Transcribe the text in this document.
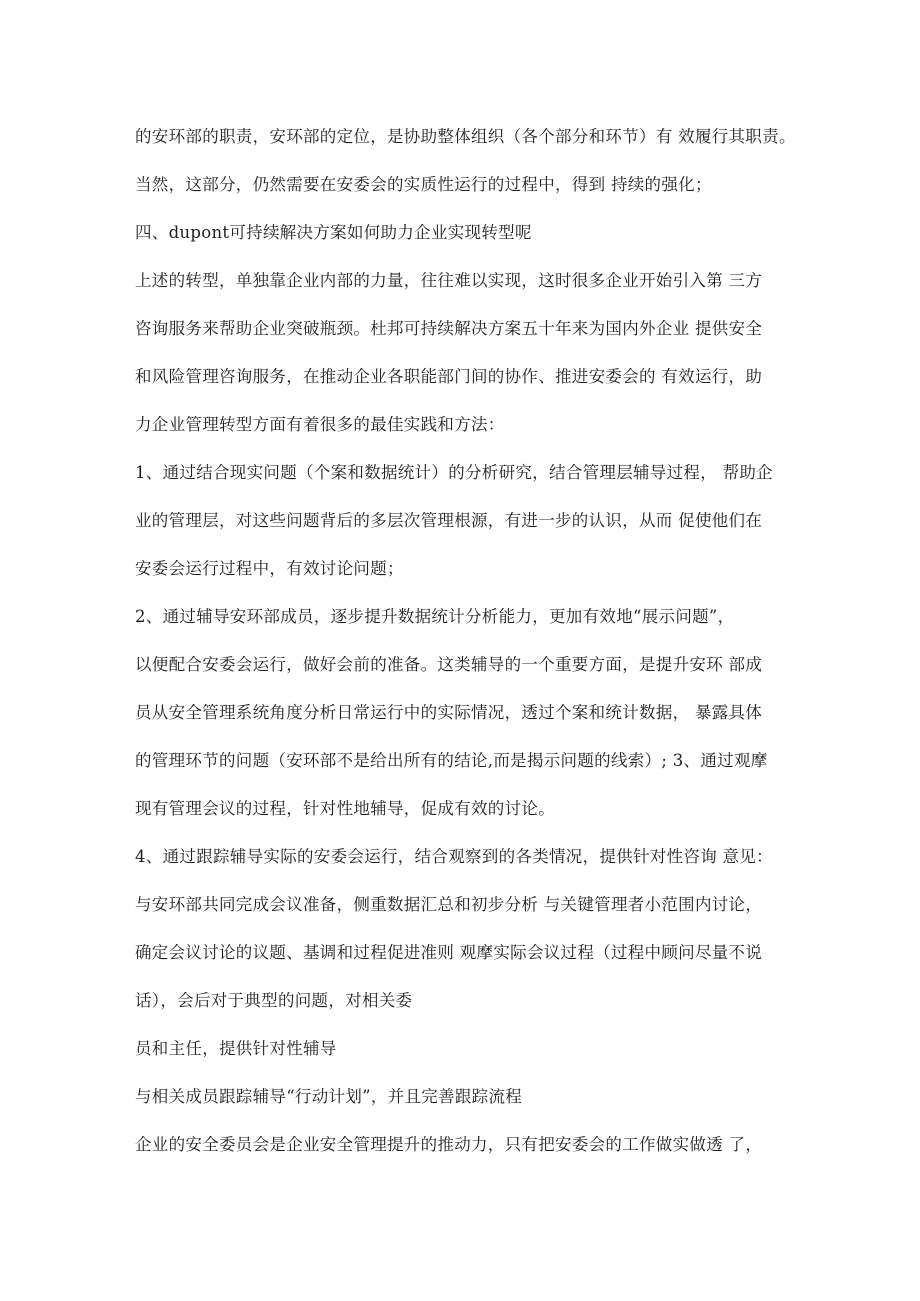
的安环部的职责，安环部的定位，是协助整体组织（各个部分和环节）有 效履行其职责。
当然，这部分，仍然需要在安委会的实质性运行的过程中，得到 持续的强化；
四、dupont可持续解决方案如何助力企业实现转型呢
上述的转型，单独靠企业内部的力量，往往难以实现，这时很多企业开始引入第 三方
咨询服务来帮助企业突破瓶颈。杜邦可持续解决方案五十年来为国内外企业 提供安全
和风险管理咨询服务，在推动企业各职能部门间的协作、推进安委会的 有效运行，助
力企业管理转型方面有着很多的最佳实践和方法：
1、通过结合现实问题（个案和数据统计）的分析研究，结合管理层辅导过程， 帮助企
业的管理层，对这些问题背后的多层次管理根源，有进一步的认识，从而 促使他们在
安委会运行过程中，有效讨论问题；
2、通过辅导安环部成员，逐步提升数据统计分析能力，更加有效地“展示问题”，
以便配合安委会运行，做好会前的准备。这类辅导的一个重要方面，是提升安环 部成
员从安全管理系统角度分析日常运行中的实际情况，透过个案和统计数据， 暴露具体
的管理环节的问题（安环部不是给出所有的结论,而是揭示问题的线索）; 3、通过观摩
现有管理会议的过程，针对性地辅导，促成有效的讨论。
4、通过跟踪辅导实际的安委会运行，结合观察到的各类情况，提供针对性咨询 意见：
与安环部共同完成会议准备，侧重数据汇总和初步分析 与关键管理者小范围内讨论，
确定会议讨论的议题、基调和过程促进准则 观摩实际会议过程（过程中顾问尽量不说
话），会后对于典型的问题，对相关委
员和主任，提供针对性辅导
与相关成员跟踪辅导“行动计划”，并且完善跟踪流程
企业的安全委员会是企业安全管理提升的推动力，只有把安委会的工作做实做透 了，
